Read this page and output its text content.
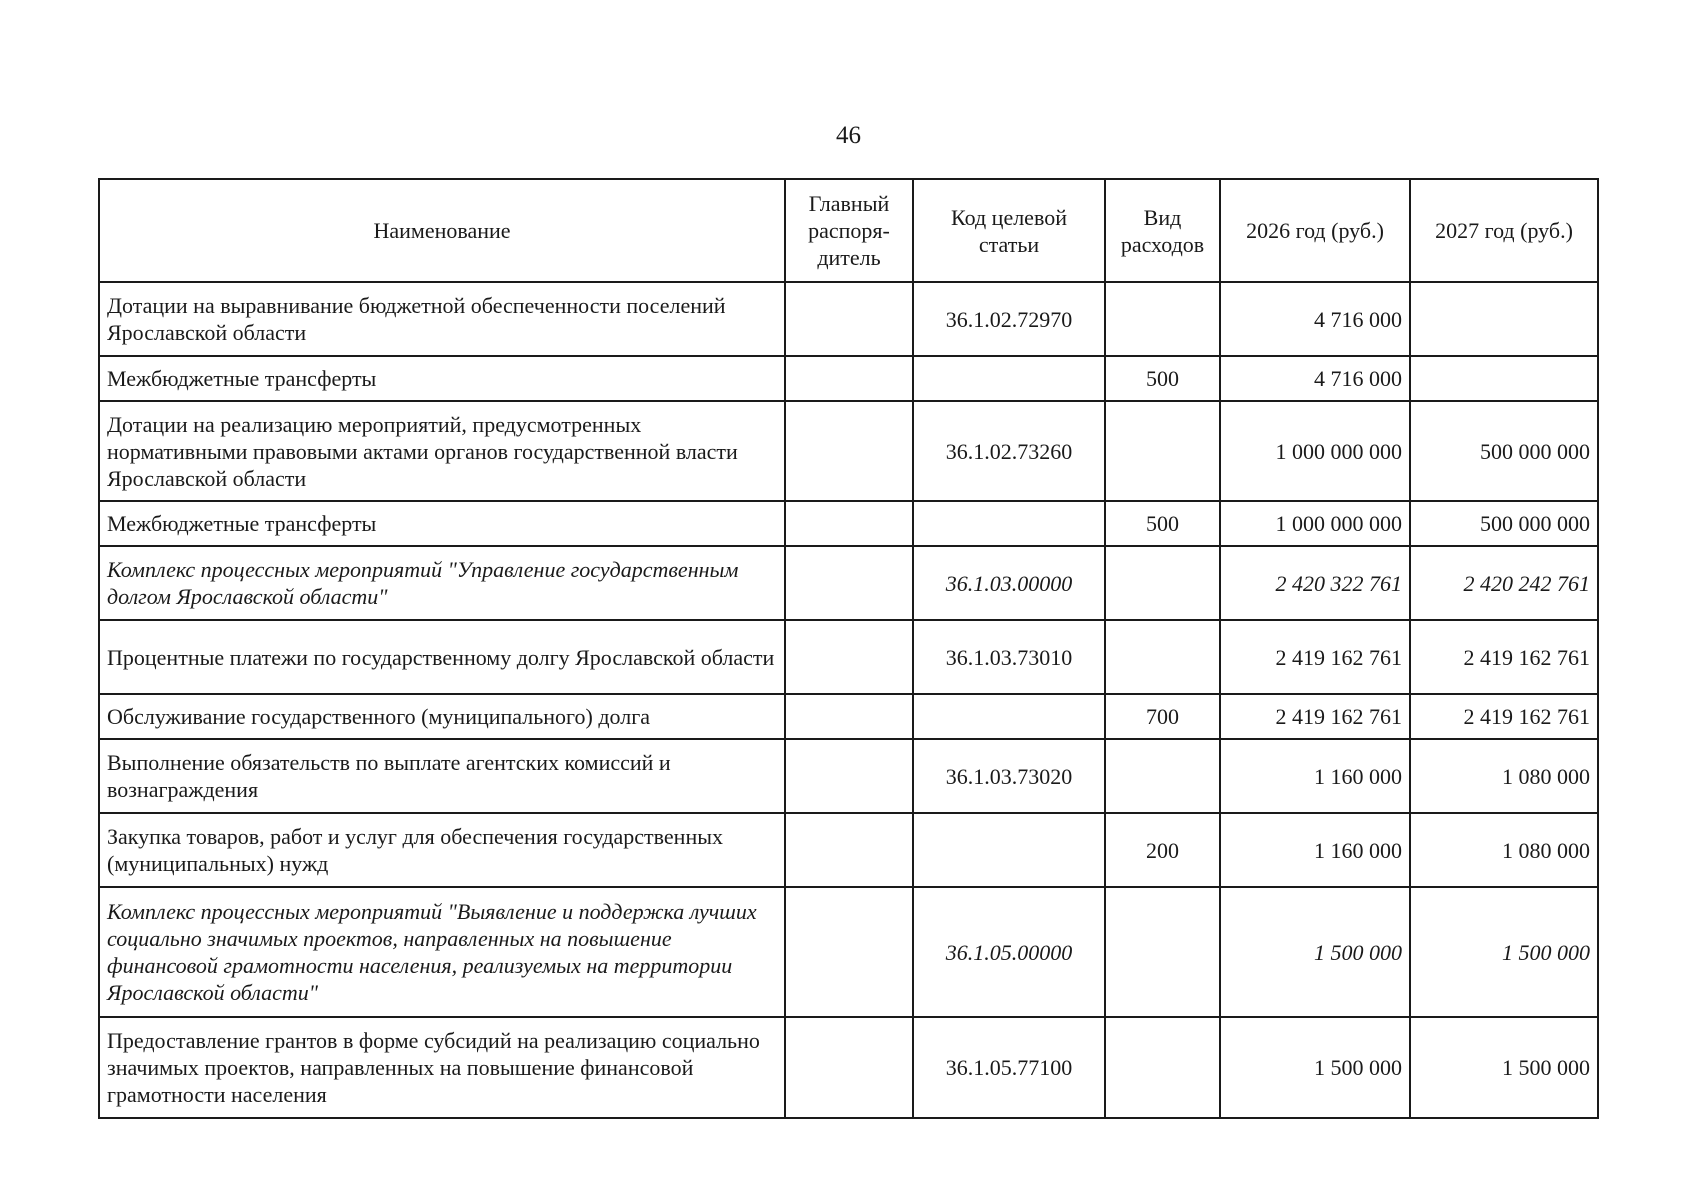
46
Наименование	Главный распоря-дитель	Код целевой статьи	Вид расходов	2026 год (руб.)	2027 год (руб.)
Дотации на выравнивание бюджетной обеспеченности поселений Ярославской области		36.1.02.72970		4 716 000	
Межбюджетные трансферты			500	4 716 000	
Дотации на реализацию мероприятий, предусмотренных нормативными правовыми актами органов государственной власти Ярославской области		36.1.02.73260		1 000 000 000	500 000 000
Межбюджетные трансферты			500	1 000 000 000	500 000 000
Комплекс процессных мероприятий "Управление государственным долгом Ярославской области"		36.1.03.00000		2 420 322 761	2 420 242 761
Процентные платежи по государственному долгу Ярославской области		36.1.03.73010		2 419 162 761	2 419 162 761
Обслуживание государственного (муниципального) долга			700	2 419 162 761	2 419 162 761
Выполнение обязательств по выплате агентских комиссий и вознаграждения		36.1.03.73020		1 160 000	1 080 000
Закупка товаров, работ и услуг для обеспечения государственных (муниципальных) нужд			200	1 160 000	1 080 000
Комплекс процессных мероприятий "Выявление и поддержка лучших социально значимых проектов, направленных на повышение финансовой грамотности населения, реализуемых на территории Ярославской области"		36.1.05.00000		1 500 000	1 500 000
Предоставление грантов в форме субсидий на реализацию социально значимых проектов, направленных на повышение финансовой грамотности населения		36.1.05.77100		1 500 000	1 500 000
